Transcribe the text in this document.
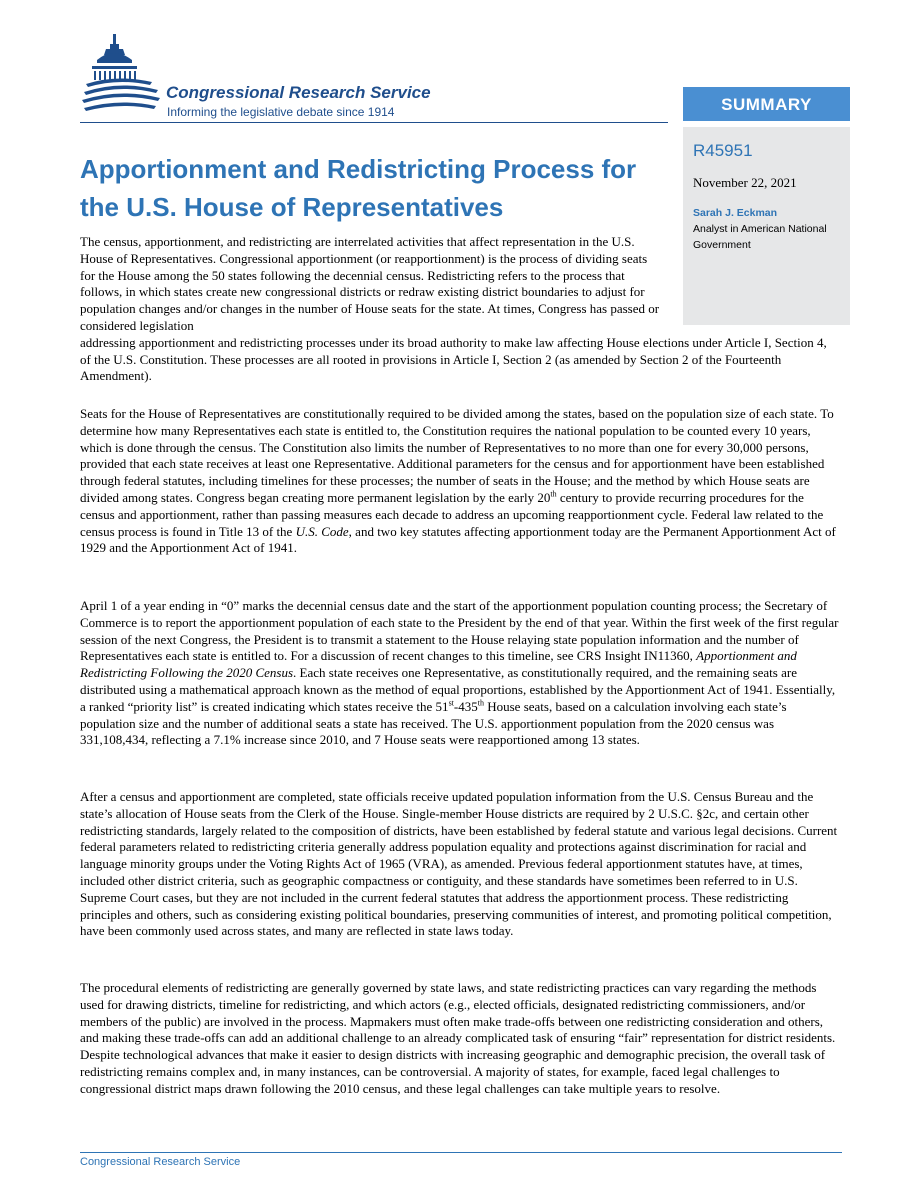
Congressional Research Service
Informing the legislative debate since 1914	SUMMARY
R45951
November 22, 2021
Sarah J. Eckman
Analyst in American National Government
Apportionment and Redistricting Process for
the U.S. House of Representatives
The census, apportionment, and redistricting are interrelated activities that affect representation in the U.S. House of Representatives. Congressional apportionment (or reapportionment) is the process of dividing seats for the House among the 50 states following the decennial census. Redistricting refers to the process that follows, in which states create new congressional districts or redraw existing district boundaries to adjust for population changes and/or changes in the number of House seats for the state. At times, Congress has passed or considered legislation
addressing apportionment and redistricting processes under its broad authority to make law affecting House elections under Article I, Section 4, of the U.S. Constitution. These processes are all rooted in provisions in Article I, Section 2 (as amended by Section 2 of the Fourteenth Amendment).

Seats for the House of Representatives are constitutionally required to be divided among the states, based on the population size of each state. To determine how many Representatives each state is entitled to, the Constitution requires the national population to be counted every 10 years, which is done through the census. The Constitution also limits the number of Representatives to no more than one for every 30,000 persons, provided that each state receives at least one Representative. Additional parameters for the census and for apportionment have been established through federal statutes, including timelines for these processes; the number of seats in the House; and the method by which House seats are divided among states. Congress began creating more permanent legislation by the early 20th century to provide recurring procedures for the census and apportionment, rather than passing measures each decade to address an upcoming reapportionment cycle. Federal law related to the census process is found in Title 13 of the U.S. Code, and two key statutes affecting apportionment today are the Permanent Apportionment Act of 1929 and the Apportionment Act of 1941.

April 1 of a year ending in “0” marks the decennial census date and the start of the apportionment population counting process; the Secretary of Commerce is to report the apportionment population of each state to the President by the end of that year. Within the first week of the first regular session of the next Congress, the President is to transmit a statement to the House relaying state population information and the number of Representatives each state is entitled to. For a discussion of recent changes to this timeline, see CRS Insight IN11360, Apportionment and Redistricting Following the 2020 Census. Each state receives one Representative, as constitutionally required, and the remaining seats are distributed using a mathematical approach known as the method of equal proportions, established by the Apportionment Act of 1941. Essentially, a ranked “priority list” is created indicating which states receive the 51st-435th House seats, based on a calculation involving each state’s population size and the number of additional seats a state has received. The U.S. apportionment population from the 2020 census was 331,108,434, reflecting a 7.1% increase since 2010, and 7 House seats were reapportioned among 13 states.

After a census and apportionment are completed, state officials receive updated population information from the U.S. Census Bureau and the state’s allocation of House seats from the Clerk of the House. Single-member House districts are required by 2 U.S.C. §2c, and certain other redistricting standards, largely related to the composition of districts, have been established by federal statute and various legal decisions. Current federal parameters related to redistricting criteria generally address population equality and protections against discrimination for racial and language minority groups under the Voting Rights Act of 1965 (VRA), as amended. Previous federal apportionment statutes have, at times, included other district criteria, such as geographic compactness or contiguity, and these standards have sometimes been referred to in U.S. Supreme Court cases, but they are not included in the current federal statutes that address the apportionment process. These redistricting principles and others, such as considering existing political boundaries, preserving communities of interest, and promoting political competition, have been commonly used across states, and many are reflected in state laws today.

The procedural elements of redistricting are generally governed by state laws, and state redistricting practices can vary regarding the methods used for drawing districts, timeline for redistricting, and which actors (e.g., elected officials, designated redistricting commissioners, and/or members of the public) are involved in the process. Mapmakers must often make trade-offs between one redistricting consideration and others, and making these trade-offs can add an additional challenge to an already complicated task of ensuring “fair” representation for district residents. Despite technological advances that make it easier to design districts with increasing geographic and demographic precision, the overall task of redistricting remains complex and, in many instances, can be controversial. A majority of states, for example, faced legal challenges to congressional district maps drawn following the 2010 census, and these legal challenges can take multiple years to resolve.

Congressional Research Service
